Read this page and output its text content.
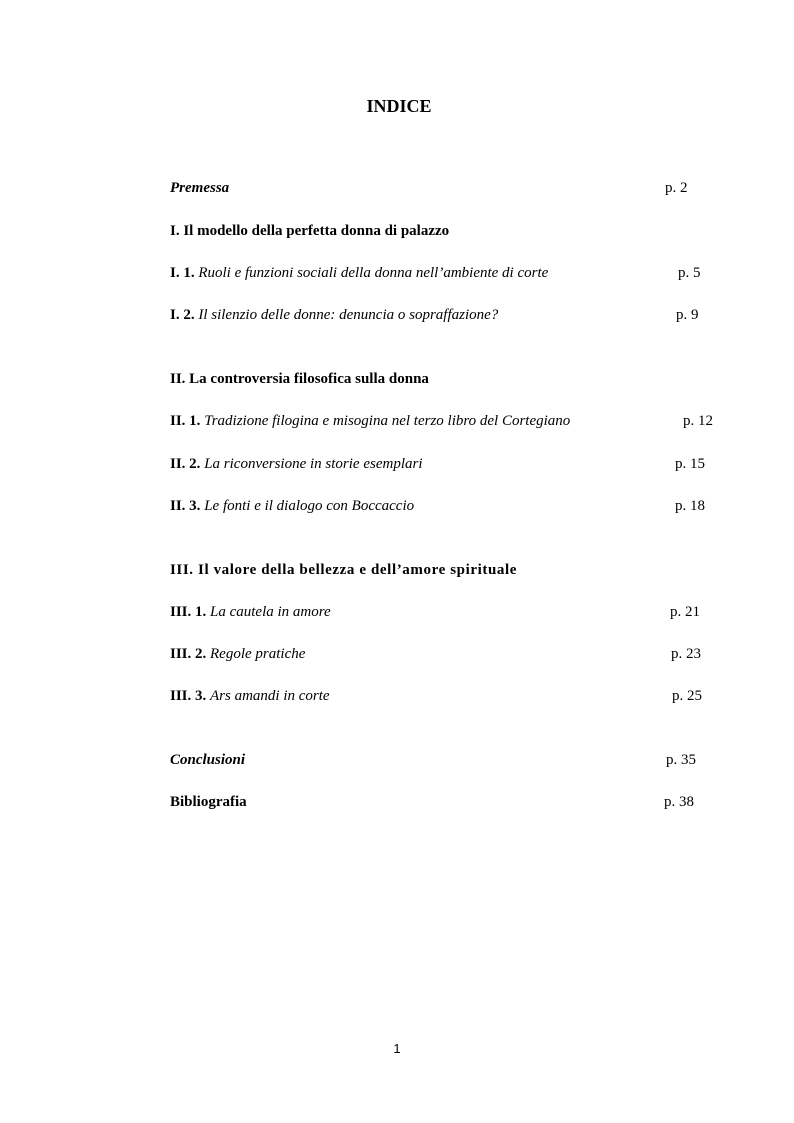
INDICE
Premessa	p. 2
I. Il modello della perfetta donna di palazzo
I. 1. Ruoli e funzioni sociali della donna nell’ambiente di corte	p. 5
I. 2. Il silenzio delle donne: denuncia o sopraffazione?	p. 9
II. La controversia filosofica sulla donna
II. 1. Tradizione filogina e misogina nel terzo libro del Cortegiano	p. 12
II. 2. La riconversione in storie esemplari	p. 15
II. 3. Le fonti e il dialogo con Boccaccio	p. 18
III. Il valore della bellezza e dell’amore spirituale
III. 1. La cautela in amore	p. 21
III. 2. Regole pratiche	p. 23
III. 3. Ars amandi in corte	p. 25
Conclusioni	p. 35
Bibliografia	p. 38
1
